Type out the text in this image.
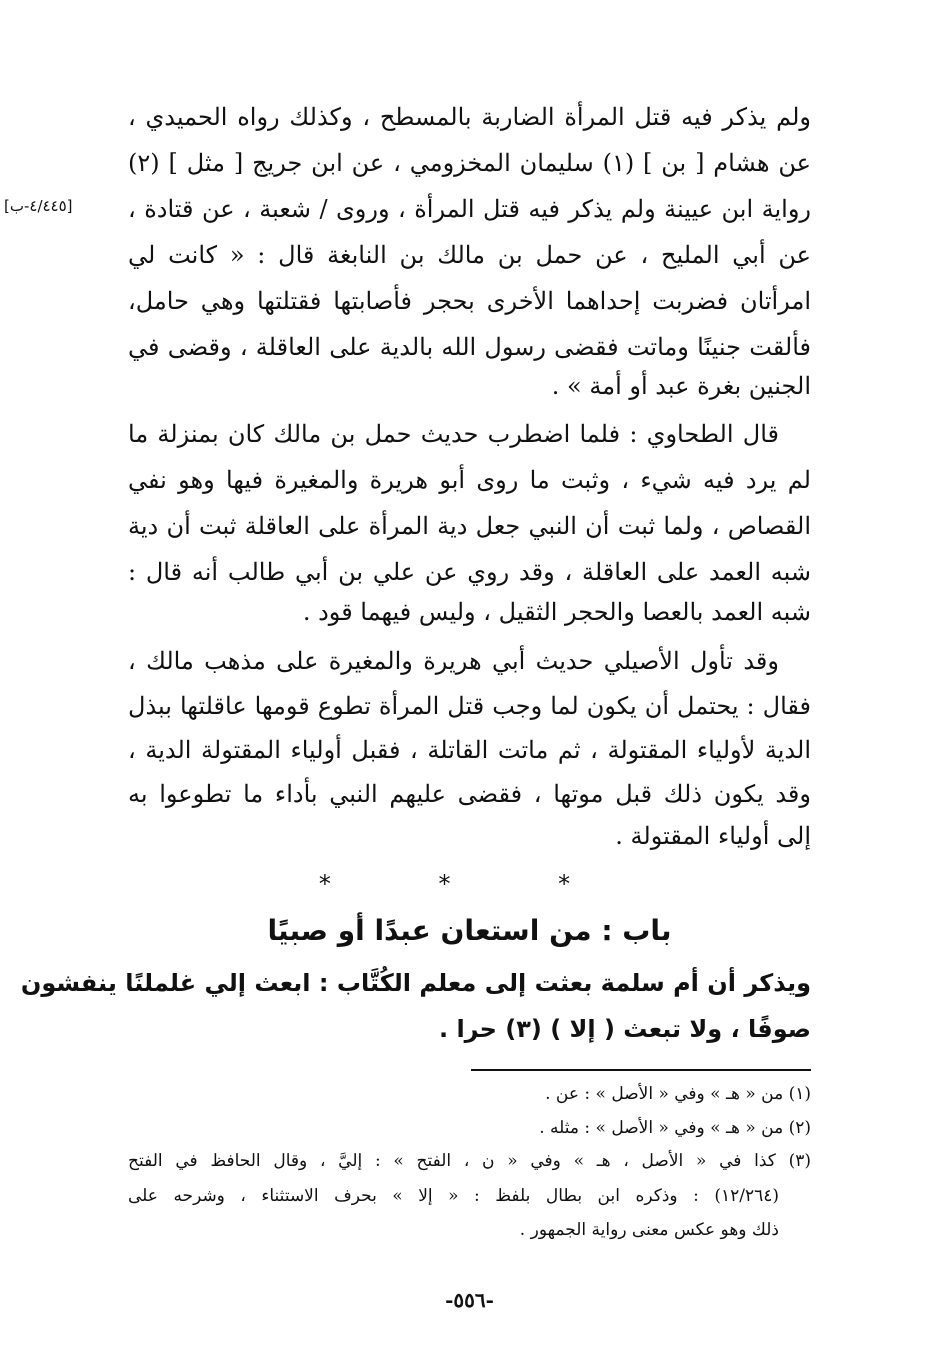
[٤/٤٤٥-ب]
ولم يذكر فيه قتل المرأة الضاربة بالمسطح ، وكذلك رواه الحميدي ،
عن هشام [ بن ] (١) سليمان المخزومي ، عن ابن جريج [ مثل ] (٢)
رواية ابن عيينة ولم يذكر فيه قتل المرأة ، وروى / شعبة ، عن قتادة ،
عن أبي المليح ، عن حمل بن مالك بن النابغة قال : « كانت لي
امرأتان فضربت إحداهما الأخرى بحجر فأصابتها فقتلتها وهي حامل،
فألقت جنينًا وماتت فقضى رسول الله بالدية على العاقلة ، وقضى في
الجنين بغرة عبد أو أمة » .
قال الطحاوي : فلما اضطرب حديث حمل بن مالك كان بمنزلة ما
لم يرد فيه شيء ، وثبت ما روى أبو هريرة والمغيرة فيها وهو نفي
القصاص ، ولما ثبت أن النبي جعل دية المرأة على العاقلة ثبت أن دية
شبه العمد على العاقلة ، وقد روي عن علي بن أبي طالب أنه قال :
شبه العمد بالعصا والحجر الثقيل ، وليس فيهما قود .
وقد تأول الأصيلي حديث أبي هريرة والمغيرة على مذهب مالك ،
فقال : يحتمل أن يكون لما وجب قتل المرأة تطوع قومها عاقلتها ببذل
الدية لأولياء المقتولة ، ثم ماتت القاتلة ، فقبل أولياء المقتولة الدية ،
وقد يكون ذلك قبل موتها ، فقضى عليهم النبي بأداء ما تطوعوا به
إلى أولياء المقتولة .
* * *
باب : من استعان عبدًا أو صبيًا
ويذكر أن أم سلمة بعثت إلى معلم الكُتَّاب : ابعث إلي غلملنًا ينفشون
صوفًا ، ولا تبعث ( إلا ) (٣) حرا .
(١) من « هـ » وفي « الأصل » : عن .
(٢) من « هـ » وفي « الأصل » : مثله .
(٣) كذا في « الأصل ، هـ » وفي « ن ، الفتح » : إليَّ ، وقال الحافظ في الفتح
(١٢/٢٦٤) : وذكره ابن بطال بلفظ : « إلا » بحرف الاستثناء ، وشرحه على
ذلك وهو عكس معنى رواية الجمهور .
-٥٥٦-
